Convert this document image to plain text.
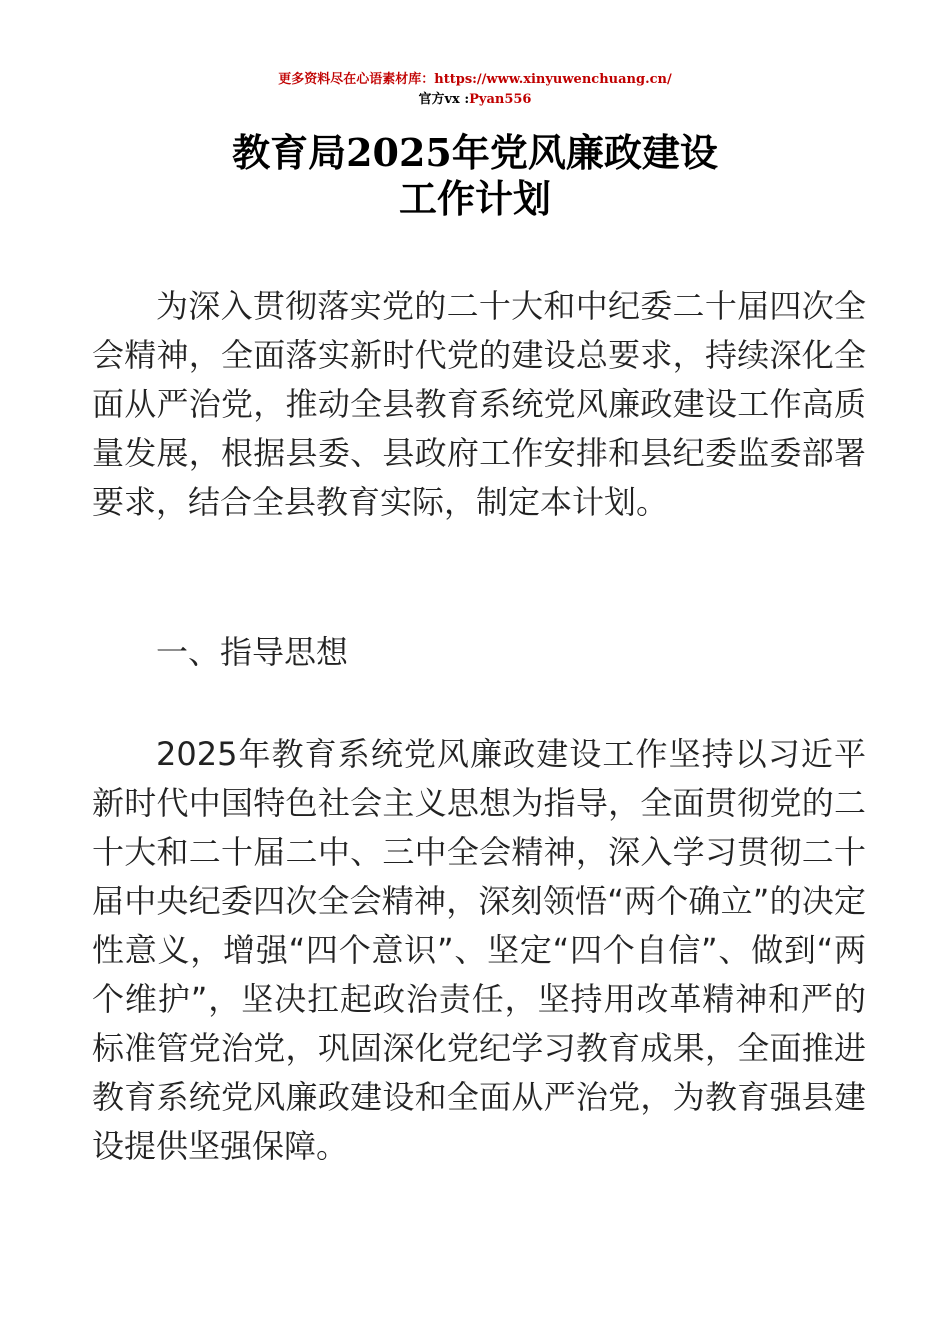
更多资料尽在心语素材库：https://www.xinyuwenchuang.cn/
官方vx :Pyan556
教育局2025年党风廉政建设
工作计划

为深入贯彻落实党的二十大和中纪委二十届四次全会精神，全面落实新时代党的建设总要求，持续深化全面从严治党，推动全县教育系统党风廉政建设工作高质量发展，根据县委、县政府工作安排和县纪委监委部署要求，结合全县教育实际，制定本计划。

一、指导思想

2025年教育系统党风廉政建设工作坚持以习近平新时代中国特色社会主义思想为指导，全面贯彻党的二十大和二十届二中、三中全会精神，深入学习贯彻二十届中央纪委四次全会精神，深刻领悟“两个确立”的决定性意义，增强“四个意识”、坚定“四个自信”、做到“两个维护”，坚决扛起政治责任，坚持用改革精神和严的标准管党治党，巩固深化党纪学习教育成果，全面推进教育系统党风廉政建设和全面从严治党，为教育强县建设提供坚强保障。
